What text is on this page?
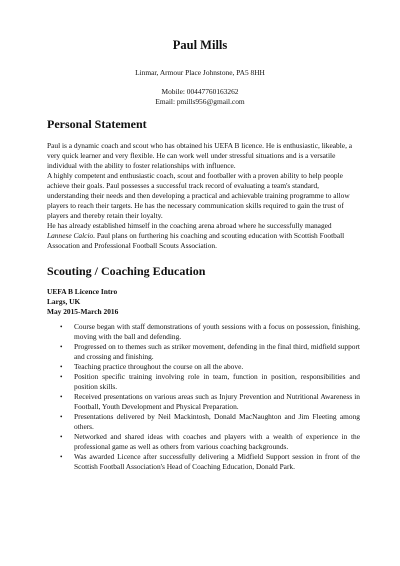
Paul Mills
Linmar, Armour Place Johnstone, PA5 8HH
Mobile: 00447760163262
Email: pmills956@gmail.com
Personal Statement

Paul is a dynamic coach and scout who has obtained his UEFA B licence. He is enthusiastic, likeable, a very quick learner and very flexible. He can work well under stressful situations and is a versatile individual with the ability to foster relationships with influence.

A highly competent and enthusiastic coach, scout and footballer with a proven ability to help people achieve their goals. Paul possesses a successful track record of evaluating a team's standard, understanding their needs and then developing a practical and achievable training programme to allow players to reach their targets. He has the necessary communication skills required to gain the trust of players and thereby retain their loyalty.

He has already established himself in the coaching arena abroad where he successfully managed Lannese Calcio. Paul plans on furthering his coaching and scouting education with Scottish Football Assocation and Professional Football Scouts Association.

Scouting / Coaching Education
UEFA B Licence Intro
Largs, UK
May 2015-March 2016
• Course began with staff demonstrations of youth sessions with a focus on possession, finishing, moving with the ball and defending.
• Progressed on to themes such as striker movement, defending in the final third, midfield support and crossing and finishing.
• Teaching practice throughout the course on all the above.
• Position specific training involving role in team, function in position, responsibilities and position skills.
• Received presentations on various areas such as Injury Prevention and Nutritional Awareness in Football, Youth Development and Physical Preparation.
• Presentations delivered by Neil Mackintosh, Donald MacNaughton and Jim Fleeting among others.
• Networked and shared ideas with coaches and players with a wealth of experience in the professional game as well as others from various coaching backgrounds.
• Was awarded Licence after successfully delivering a Midfield Support session in front of the Scottish Football Association's Head of Coaching Education, Donald Park.
